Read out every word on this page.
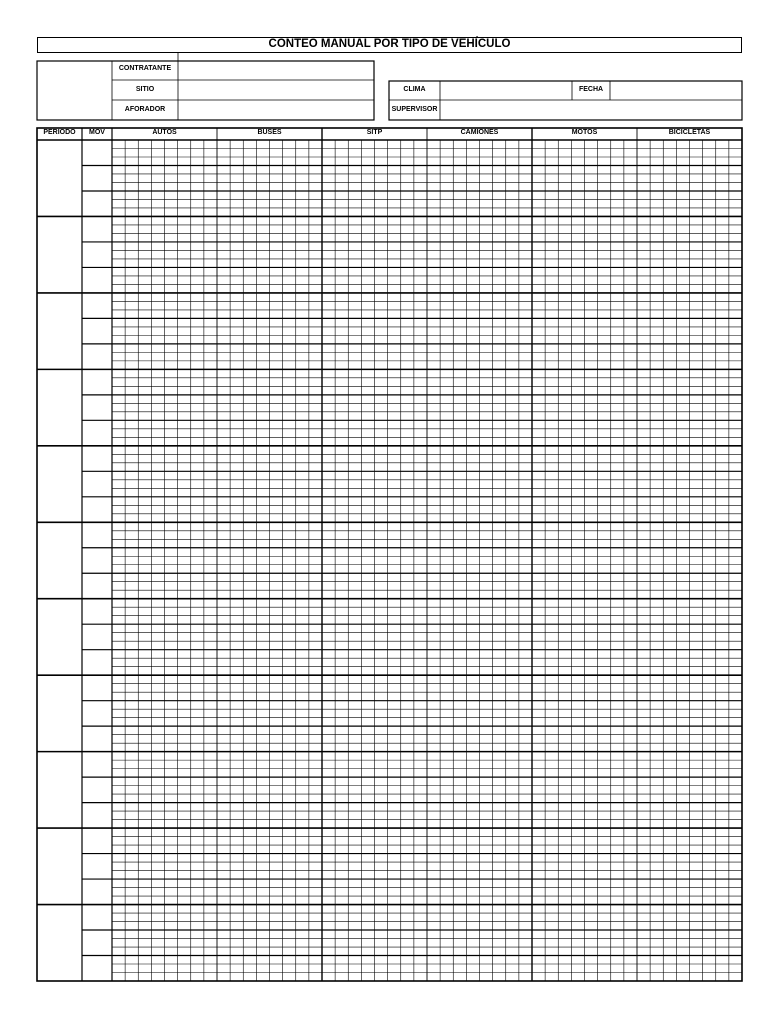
CONTEO MANUAL POR TIPO DE VEHÍCULO
CONTRATANTE
SITIO
AFORADOR
CLIMA	FECHA
SUPERVISOR
PERIODO	MOV	AUTOS	BUSES	SITP	CAMIONES	MOTOS	BICICLETAS
